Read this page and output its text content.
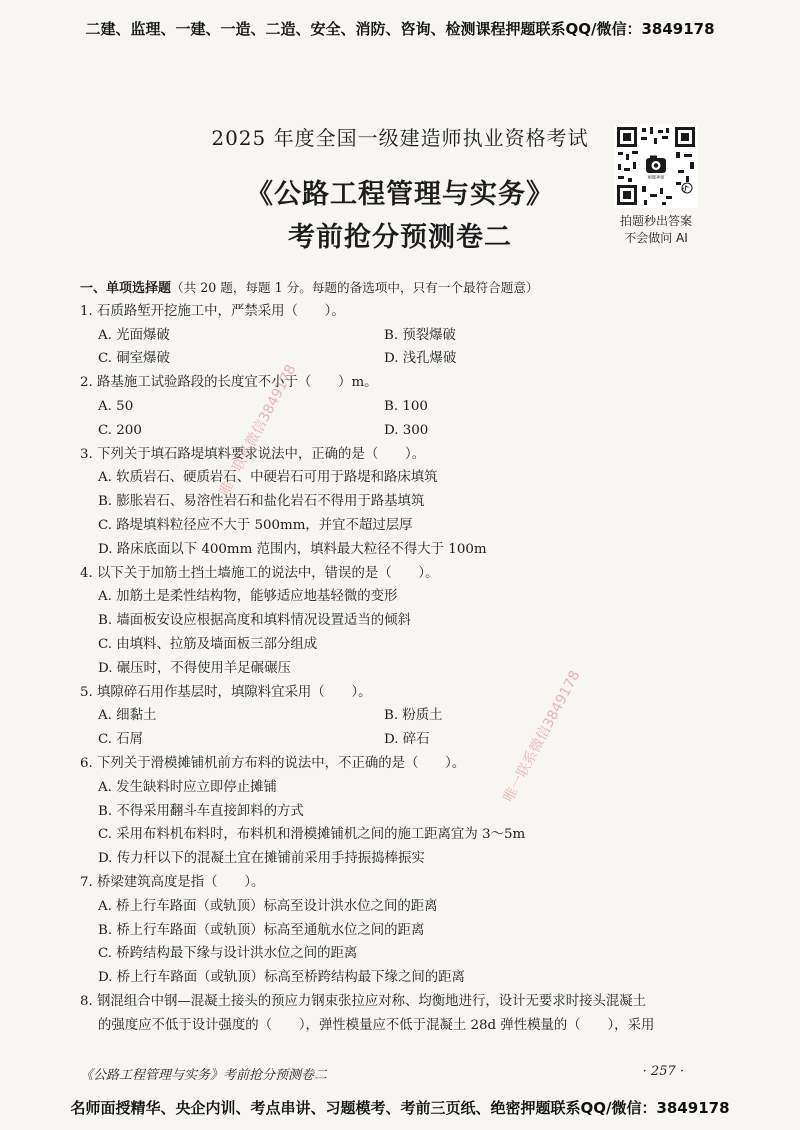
二建、监理、一建、一造、二造、安全、消防、咨询、检测课程押题联系QQ/微信：3849178
2025 年度全国一级建造师执业资格考试
《公路工程管理与实务》
考前抢分预测卷二
刷题神器
拍题秒出答案
不会做问 AI
一、单项选择题（共 20 题，每题 1 分。每题的备选项中，只有一个最符合题意）
1. 石质路堑开挖施工中，严禁采用（　　）。
A. 光面爆破	B. 预裂爆破
C. 硐室爆破	D. 浅孔爆破
2. 路基施工试验路段的长度宜不小于（　　）m。
A. 50	B. 100
C. 200	D. 300
3. 下列关于填石路堤填料要求说法中，正确的是（　　）。
A. 软质岩石、硬质岩石、中硬岩石可用于路堤和路床填筑
B. 膨胀岩石、易溶性岩石和盐化岩石不得用于路基填筑
C. 路堤填料粒径应不大于 500mm，并宜不超过层厚
D. 路床底面以下 400mm 范围内，填料最大粒径不得大于 100m
4. 以下关于加筋土挡土墙施工的说法中，错误的是（　　）。
A. 加筋土是柔性结构物，能够适应地基轻微的变形
B. 墙面板安设应根据高度和填料情况设置适当的倾斜
C. 由填料、拉筋及墙面板三部分组成
D. 碾压时，不得使用羊足碾碾压
5. 填隙碎石用作基层时，填隙料宜采用（　　）。
A. 细黏土	B. 粉质土
C. 石屑	D. 碎石
6. 下列关于滑模摊铺机前方布料的说法中，不正确的是（　　）。
A. 发生缺料时应立即停止摊铺
B. 不得采用翻斗车直接卸料的方式
C. 采用布料机布料时，布料机和滑模摊铺机之间的施工距离宜为 3～5m
D. 传力杆以下的混凝土宜在摊铺前采用手持振捣棒振实
7. 桥梁建筑高度是指（　　）。
A. 桥上行车路面（或轨顶）标高至设计洪水位之间的距离
B. 桥上行车路面（或轨顶）标高至通航水位之间的距离
C. 桥跨结构最下缘与设计洪水位之间的距离
D. 桥上行车路面（或轨顶）标高至桥跨结构最下缘之间的距离
8. 钢混组合中钢—混凝土接头的预应力钢束张拉应对称、均衡地进行，设计无要求时接头混凝土
的强度应不低于设计强度的（　　），弹性模量应不低于混凝土 28d 弹性模量的（　　），采用
《公路工程管理与实务》考前抢分预测卷二	· 257 ·
名师面授精华、央企内训、考点串讲、习题模考、考前三页纸、绝密押题联系QQ/微信：3849178
唯一联系微信3849178
唯一联系微信3849178
